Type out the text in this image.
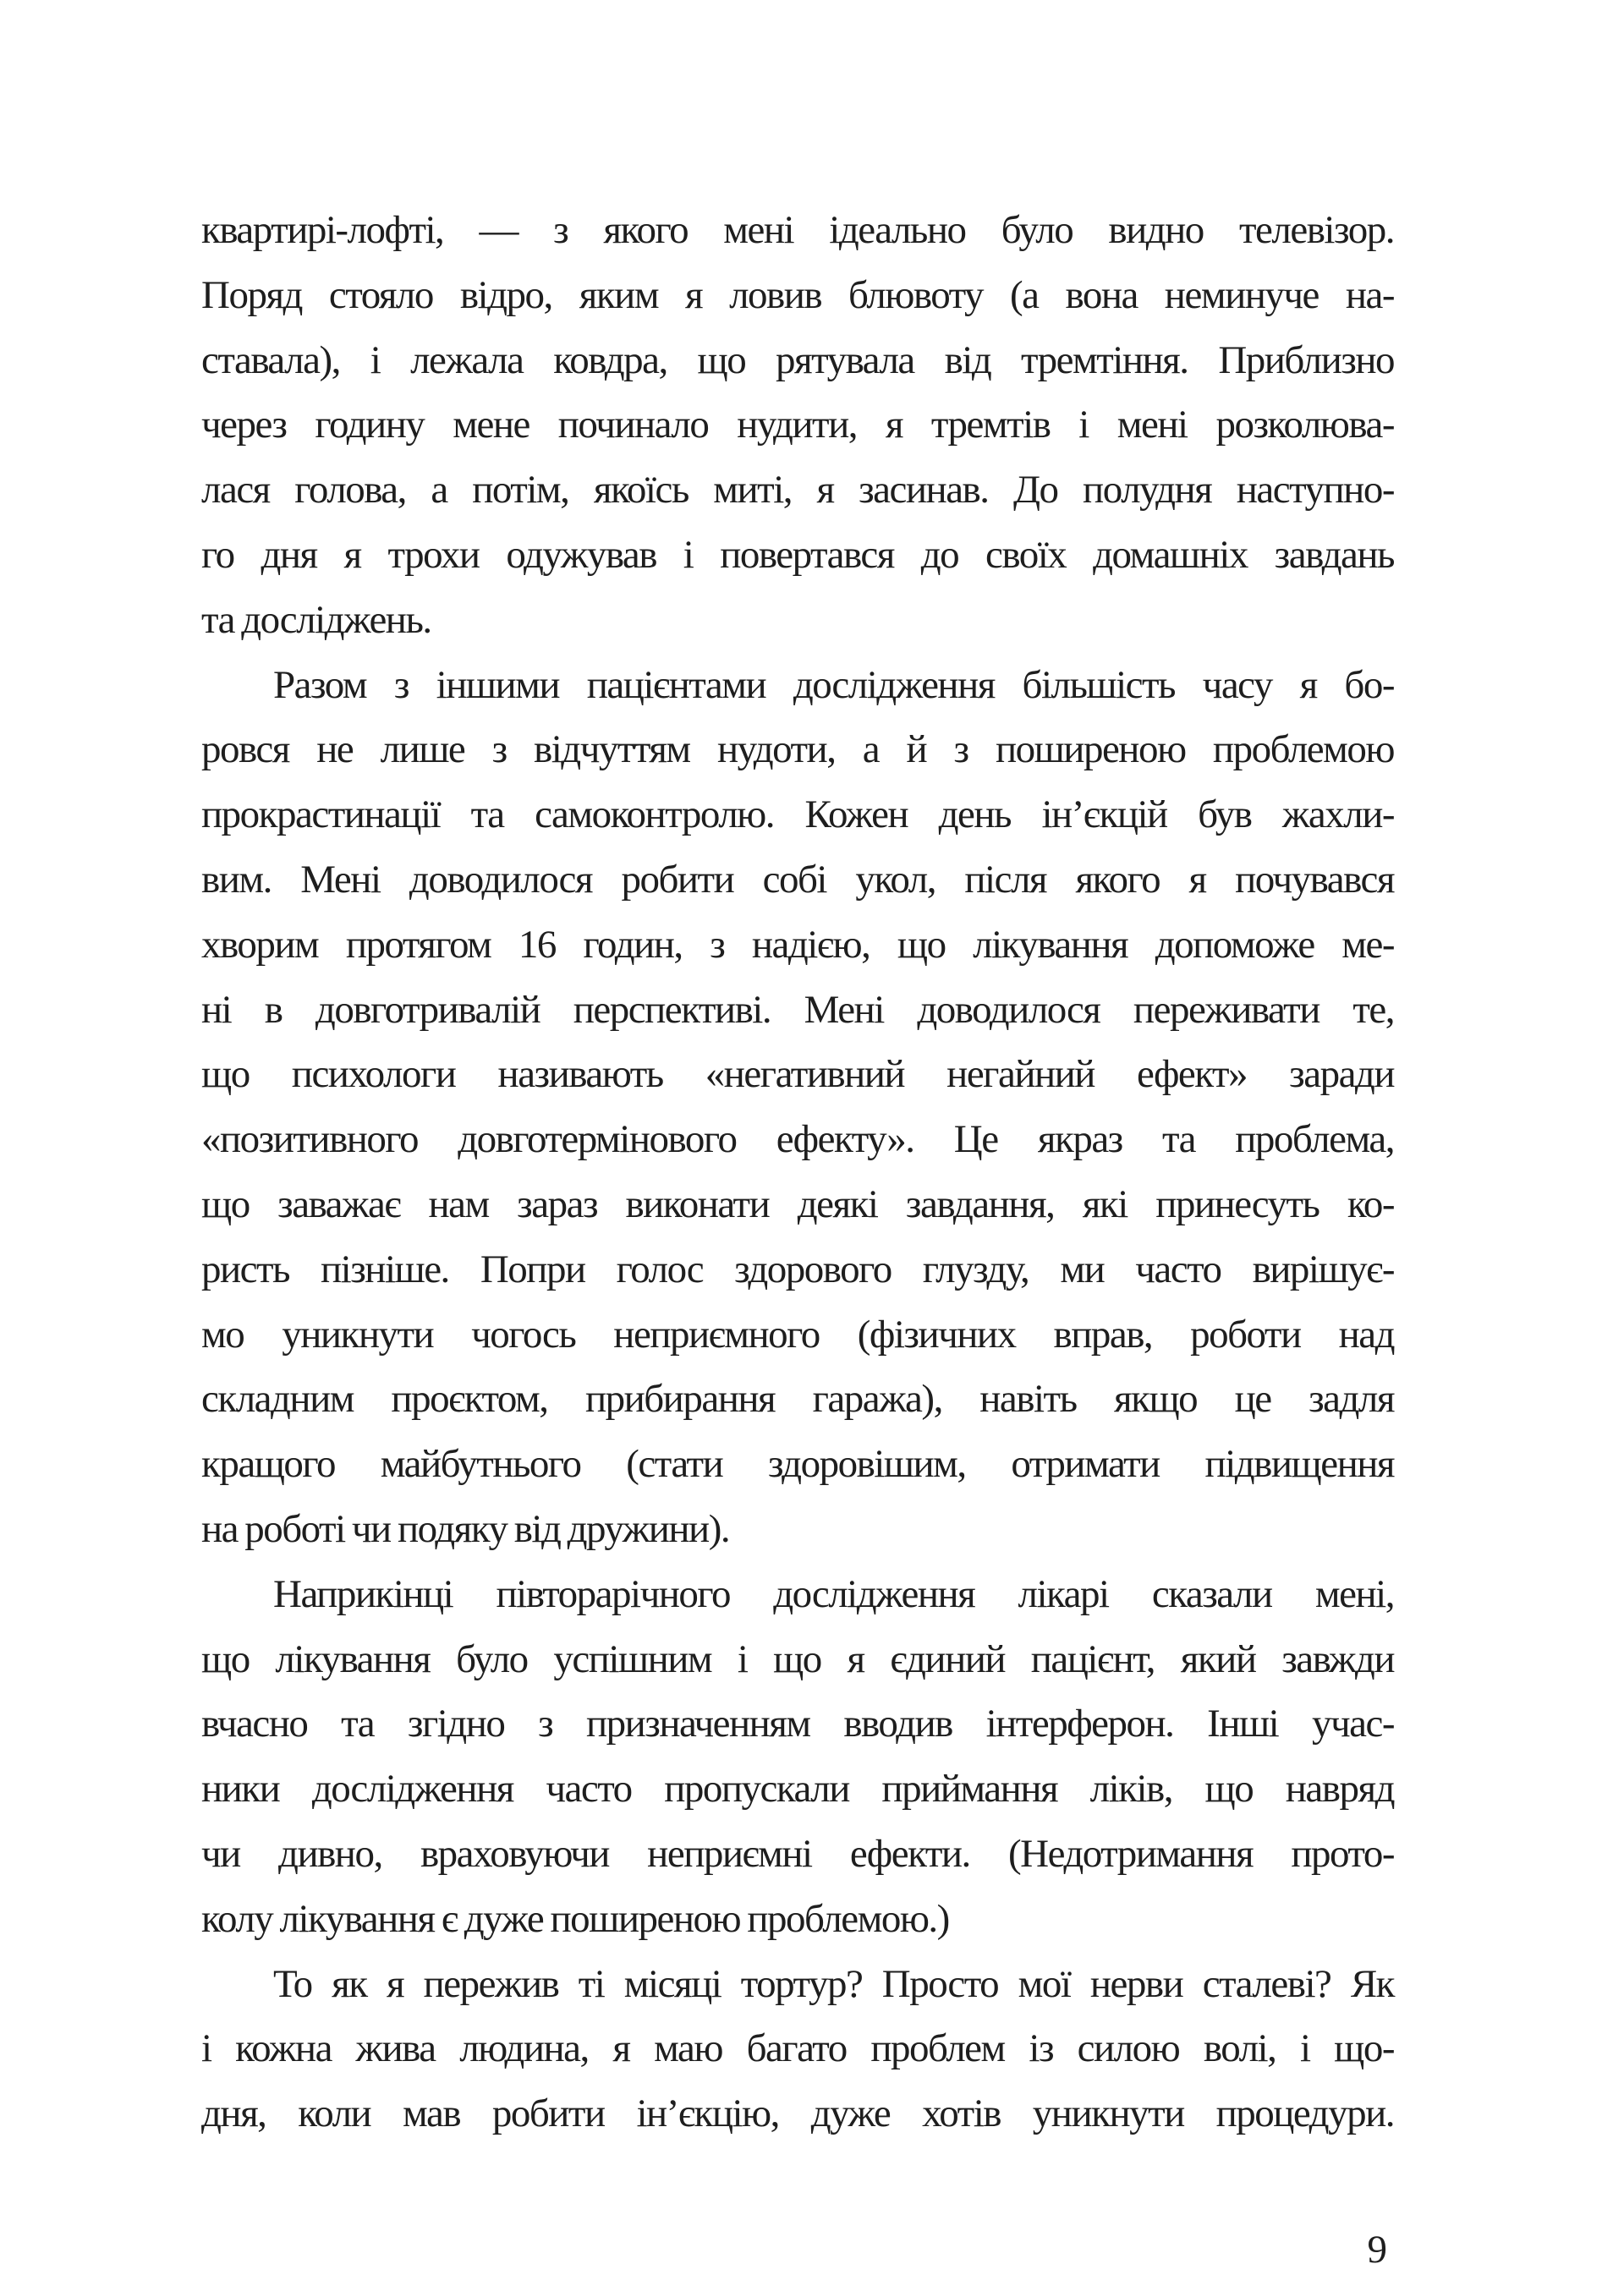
квартирі-лофті, — з якого мені ідеально було видно телевізор.
Поряд стояло відро, яким я ловив блювоту (а вона неминуче на-
ставала), і лежала ковдра, що рятувала від тремтіння. Приблизно
через годину мене починало нудити, я тремтів і мені розколюва-
лася голова, а потім, якоїсь миті, я засинав. До полудня наступно-
го дня я трохи одужував і повертався до своїх домашніх завдань
та досліджень.
Разом з іншими пацієнтами дослідження більшість часу я бо-
ровся не лише з відчуттям нудоти, а й з поширеною проблемою
прокрастинації та самоконтролю. Кожен день ін’єкцій був жахли-
вим. Мені доводилося робити собі укол, після якого я почувався
хворим протягом 16 годин, з надією, що лікування допоможе ме-
ні в довготривалій перспективі. Мені доводилося переживати те,
що психологи називають «негативний негайний ефект» заради
«позитивного довготермінового ефекту». Це якраз та проблема,
що заважає нам зараз виконати деякі завдання, які принесуть ко-
ристь пізніше. Попри голос здорового глузду, ми часто вирішує-
мо уникнути чогось неприємного (фізичних вправ, роботи над
складним проєктом, прибирання гаража), навіть якщо це задля
кращого майбутнього (стати здоровішим, отримати підвищення
на роботі чи подяку від дружини).
Наприкінці півторарічного дослідження лікарі сказали мені,
що лікування було успішним і що я єдиний пацієнт, який завжди
вчасно та згідно з призначенням вводив інтерферон. Інші учас-
ники дослідження часто пропускали приймання ліків, що навряд
чи дивно, враховуючи неприємні ефекти. (Недотримання прото-
колу лікування є дуже поширеною проблемою.)
То як я пережив ті місяці тортур? Просто мої нерви сталеві? Як
і кожна жива людина, я маю багато проблем із силою волі, і що-
дня, коли мав робити ін’єкцію, дуже хотів уникнути процедури.
9
